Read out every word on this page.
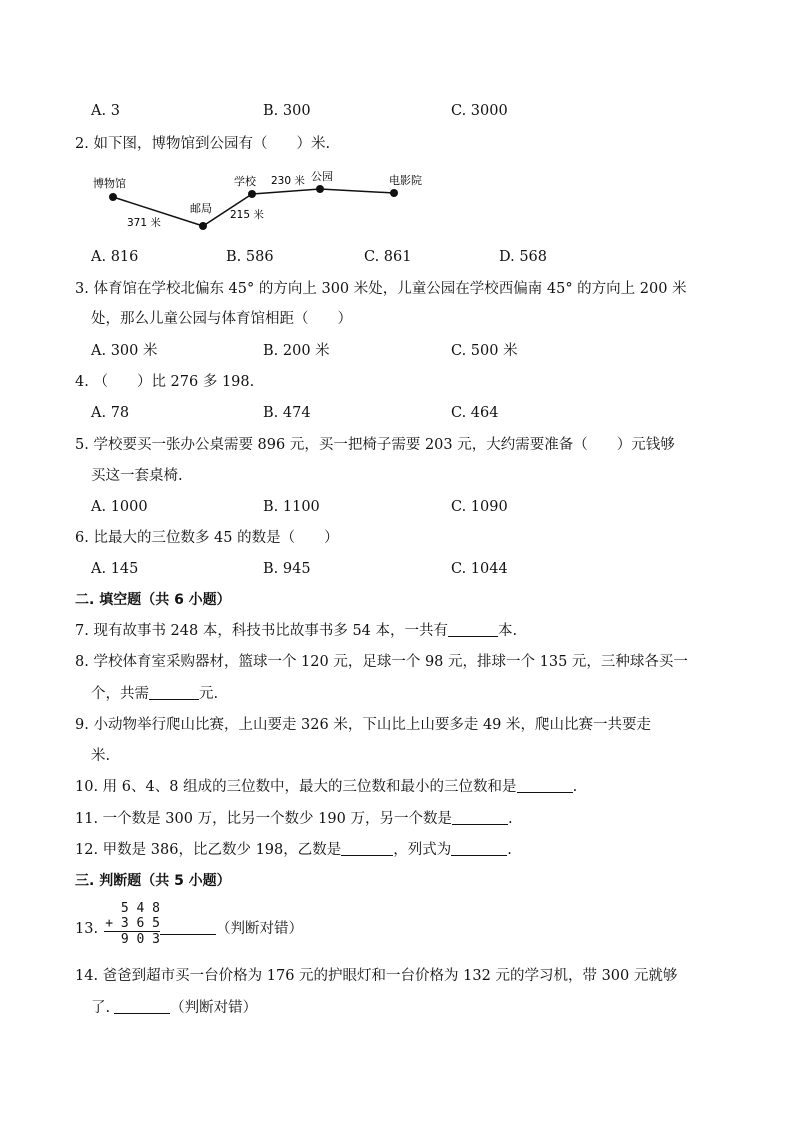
A. 3	B. 300	C. 3000
2. 如下图，博物馆到公园有（　　）米.
博物馆
邮局
学校	公园	电影院
371 米
215 米
230 米
A. 816	B. 586	C. 861	D. 568
3. 体育馆在学校北偏东 45° 的方向上 300 米处，儿童公园在学校西偏南 45° 的方向上 200 米
处，那么儿童公园与体育馆相距（　　）
A. 300 米	B. 200 米	C. 500 米
4. （　　）比 276 多 198.
A. 78	B. 474	C. 464
5. 学校要买一张办公桌需要 896 元，买一把椅子需要 203 元，大约需要准备（　　）元钱够
买这一套桌椅.
A. 1000	B. 1100	C. 1090
6. 比最大的三位数多 45 的数是（　　）
A. 145	B. 945	C. 1044
二. 填空题（共 6 小题）
7. 现有故事书 248 本，科技书比故事书多 54 本，一共有	本.
8. 学校体育室采购器材，篮球一个 120 元，足球一个 98 元，排球一个 135 元，三种球各买一
个，共需	元.
9. 小动物举行爬山比赛，上山要走 326 米，下山比上山要多走 49 米，爬山比赛一共要走
米.
10. 用 6、4、8 组成的三位数中，最大的三位数和最小的三位数和是	.
11. 一个数是 300 万，比另一个数少 190 万，另一个数是	.
12. 甲数是 386，比乙数少 198，乙数是	，列式为	.
三. 判断题（共 5 小题）
13.
5 4 8
+ 3 6 5
9 0 3
（判断对错）
14. 爸爸到超市买一台价格为 176 元的护眼灯和一台价格为 132 元的学习机，带 300 元就够
了.	（判断对错）
